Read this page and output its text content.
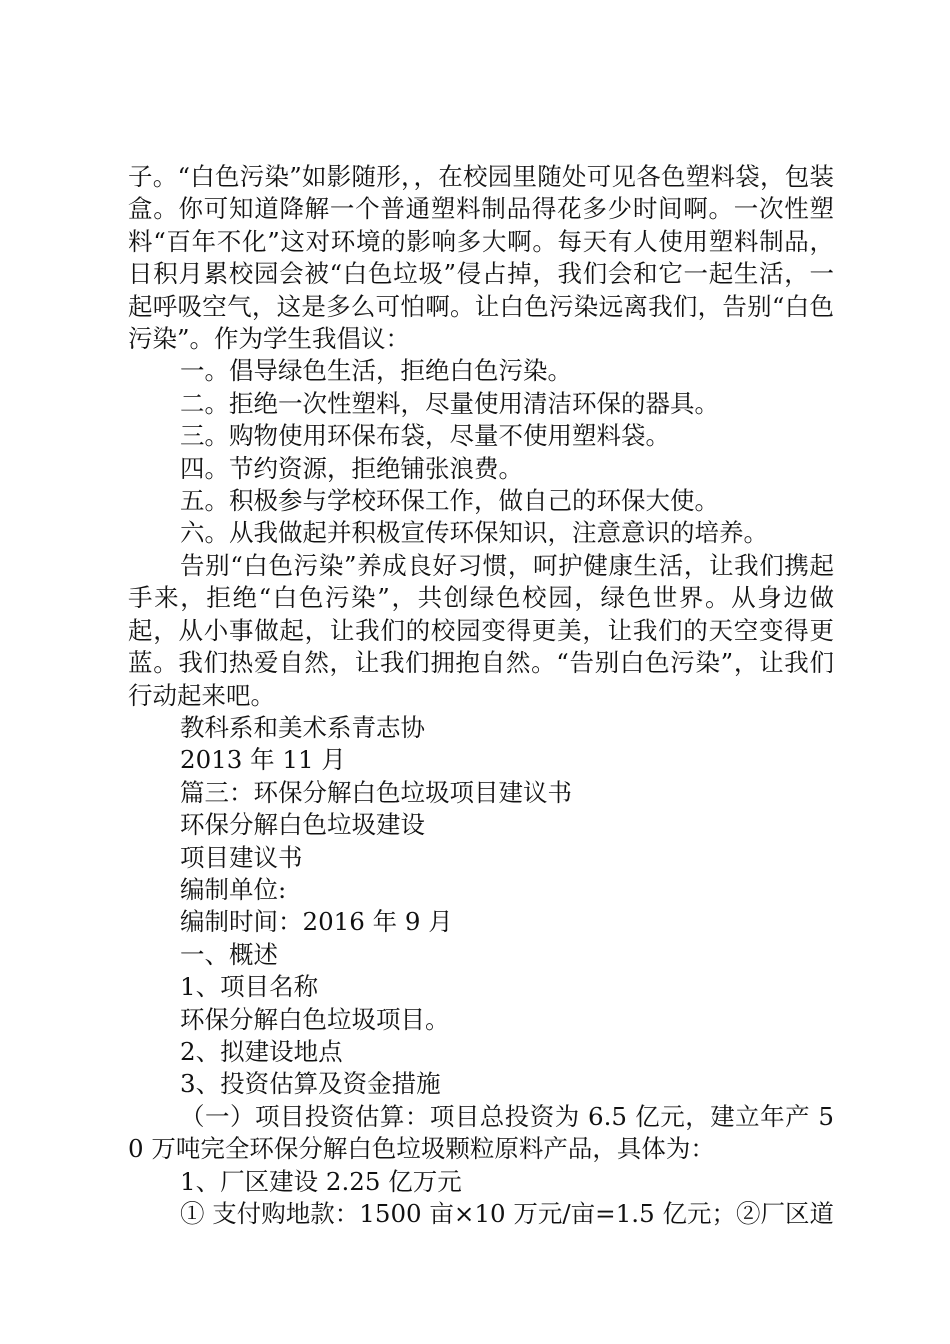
子。“白色污染”如影随形，，在校园里随处可见各色塑料袋，包装盒。你可知道降解一个普通塑料制品得花多少时间啊。一次性塑料“百年不化”这对环境的影响多大啊。每天有人使用塑料制品，日积月累校园会被“白色垃圾”侵占掉，我们会和它一起生活，一起呼吸空气，这是多么可怕啊。让白色污染远离我们，告别“白色污染”。作为学生我倡议：

一。倡导绿色生活，拒绝白色污染。

二。拒绝一次性塑料，尽量使用清洁环保的器具。

三。购物使用环保布袋，尽量不使用塑料袋。

四。节约资源，拒绝铺张浪费。

五。积极参与学校环保工作，做自己的环保大使。

六。从我做起并积极宣传环保知识，注意意识的培养。

告别“白色污染”养成良好习惯，呵护健康生活，让我们携起手来，拒绝“白色污染”，共创绿色校园，绿色世界。从身边做起，从小事做起，让我们的校园变得更美，让我们的天空变得更蓝。我们热爱自然，让我们拥抱自然。“告别白色污染”，让我们行动起来吧。

教科系和美术系青志协

2013 年 11 月

篇三：环保分解白色垃圾项目建议书

环保分解白色垃圾建设

项目建议书

编制单位:

编制时间：2016 年 9 月

一、概述

1、项目名称

环保分解白色垃圾项目。

2、拟建设地点

3、投资估算及资金措施

（一）项目投资估算：项目总投资为 6.5 亿元，建立年产 50 万吨完全环保分解白色垃圾颗粒原料产品，具体为：

1、厂区建设 2.25 亿万元

① 支付购地款：1500 亩×10 万元/亩=1.5 亿元；②厂区道
